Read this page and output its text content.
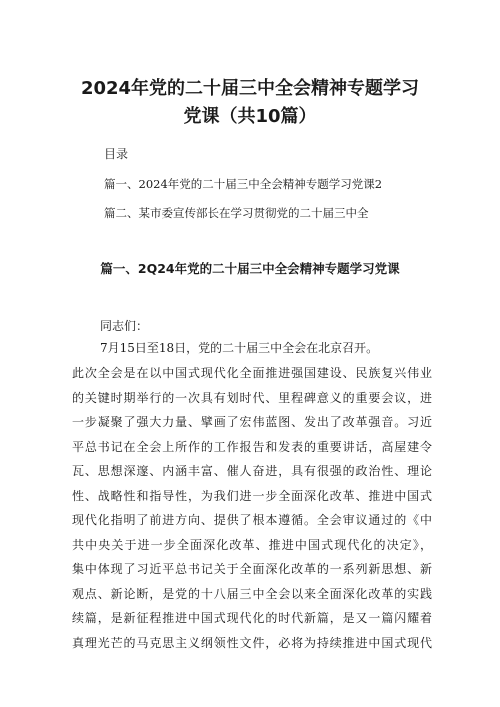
2024年党的二十届三中全会精神专题学习
党课（共10篇）

目录

篇一、2024年党的二十届三中全会精神专题学习党课2

篇二、某市委宣传部长在学习贯彻党的二十届三中全

篇一、2Q24年党的二十届三中全会精神专题学习党课

同志们：

7月15日至18日，党的二十届三中全会在北京召开。

此次全会是在以中国式现代化全面推进强国建设、民族复兴伟业
的关键时期举行的一次具有划时代、里程碑意义的重要会议，进
一步凝聚了强大力量、擘画了宏伟蓝图、发出了改革强音。习近
平总书记在全会上所作的工作报告和发表的重要讲话，高屋建令
瓦、思想深邃、内涵丰富、催人奋进，具有很强的政治性、理论
性、战略性和指导性，为我们进一步全面深化改革、推进中国式
现代化指明了前进方向、提供了根本遵循。全会审议通过的《中
共中央关于进一步全面深化改革、推进中国式现代化的决定》，
集中体现了习近平总书记关于全面深化改革的一系列新思想、新
观点、新论断，是党的十八届三中全会以来全面深化改革的实践
续篇，是新征程推进中国式现代化的时代新篇，是又一篇闪耀着
真理光芒的马克思主义纲领性文件，必将为持续推进中国式现代
